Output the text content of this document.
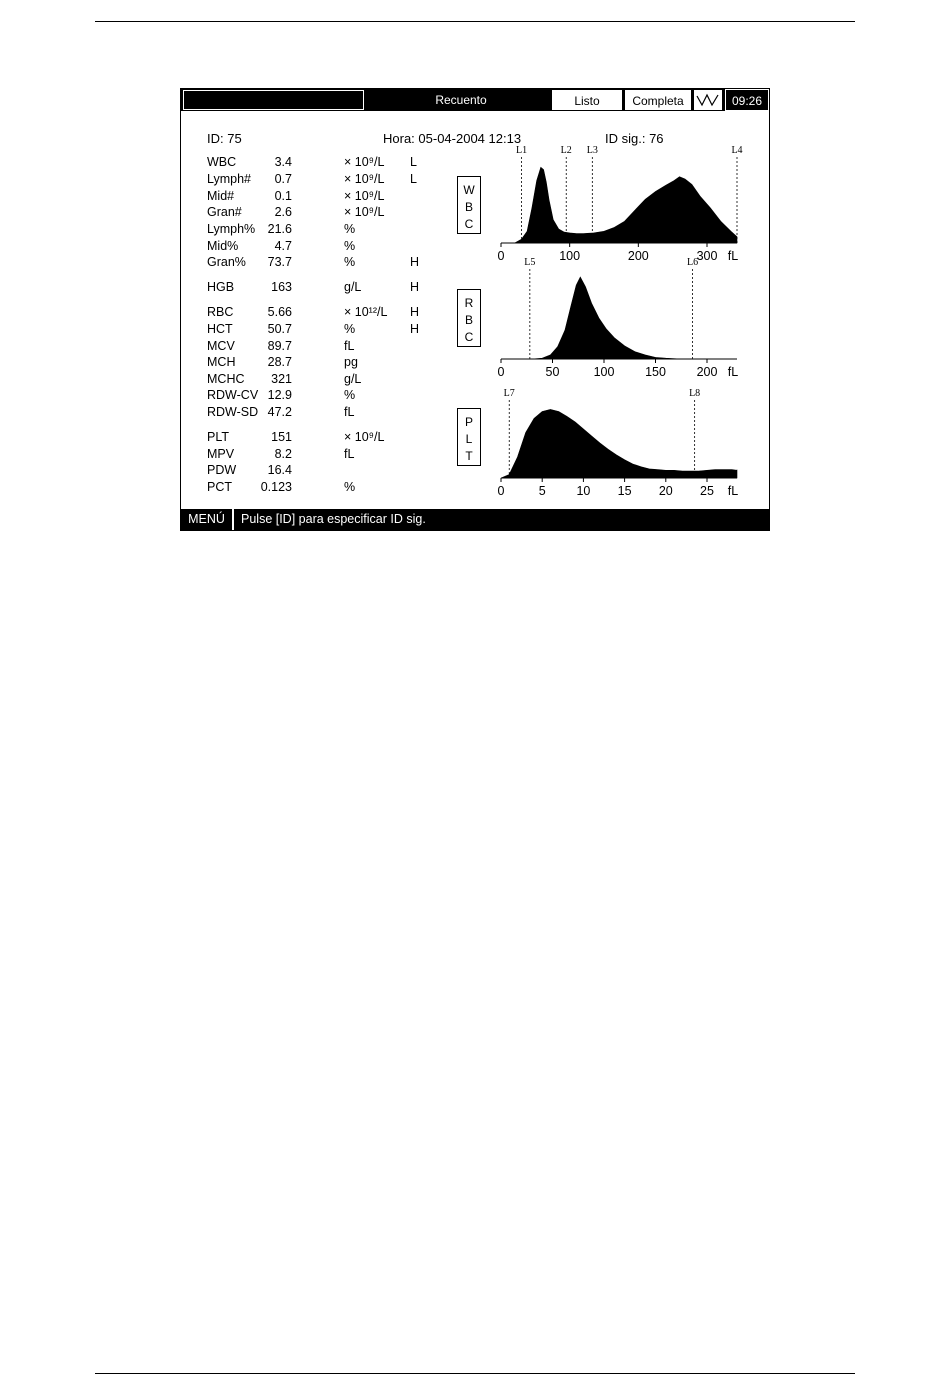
Recuento	Listo	Completa	09:26
ID: 75	Hora: 05-04-2004 12:13	ID sig.: 76
WBC	3.4	× 10⁹/L L
Lymph# 0.7	× 10⁹/L L
Mid#	0.1	× 10⁹/L
Gran#	2.6	× 10⁹/L
Lymph% 21.6	%
Mid%	4.7	%
Gran% 73.7	%	H
HGB	163	g/L	H
RBC	5.66	× 10¹²/L H
HCT	50.7	%	H
MCV	89.7	fL
MCH	28.7	pg
MCHC 321	g/L
RDW-CV 12.9	%
RDW-SD 47.2	fL
PLT	151	× 10⁹/L
MPV	8.2	fL
PDW	16.4
PCT 0.123	%
W
B
C
R
B
C
P
L
T
0	100	200	300 fL
L1	L2 L3	L4
0	50	100 150 200 fL
L5	L6
0	5 10 15 20 25 fL
L7	L8
MENÚ	Pulse [ID] para especificar ID sig.
